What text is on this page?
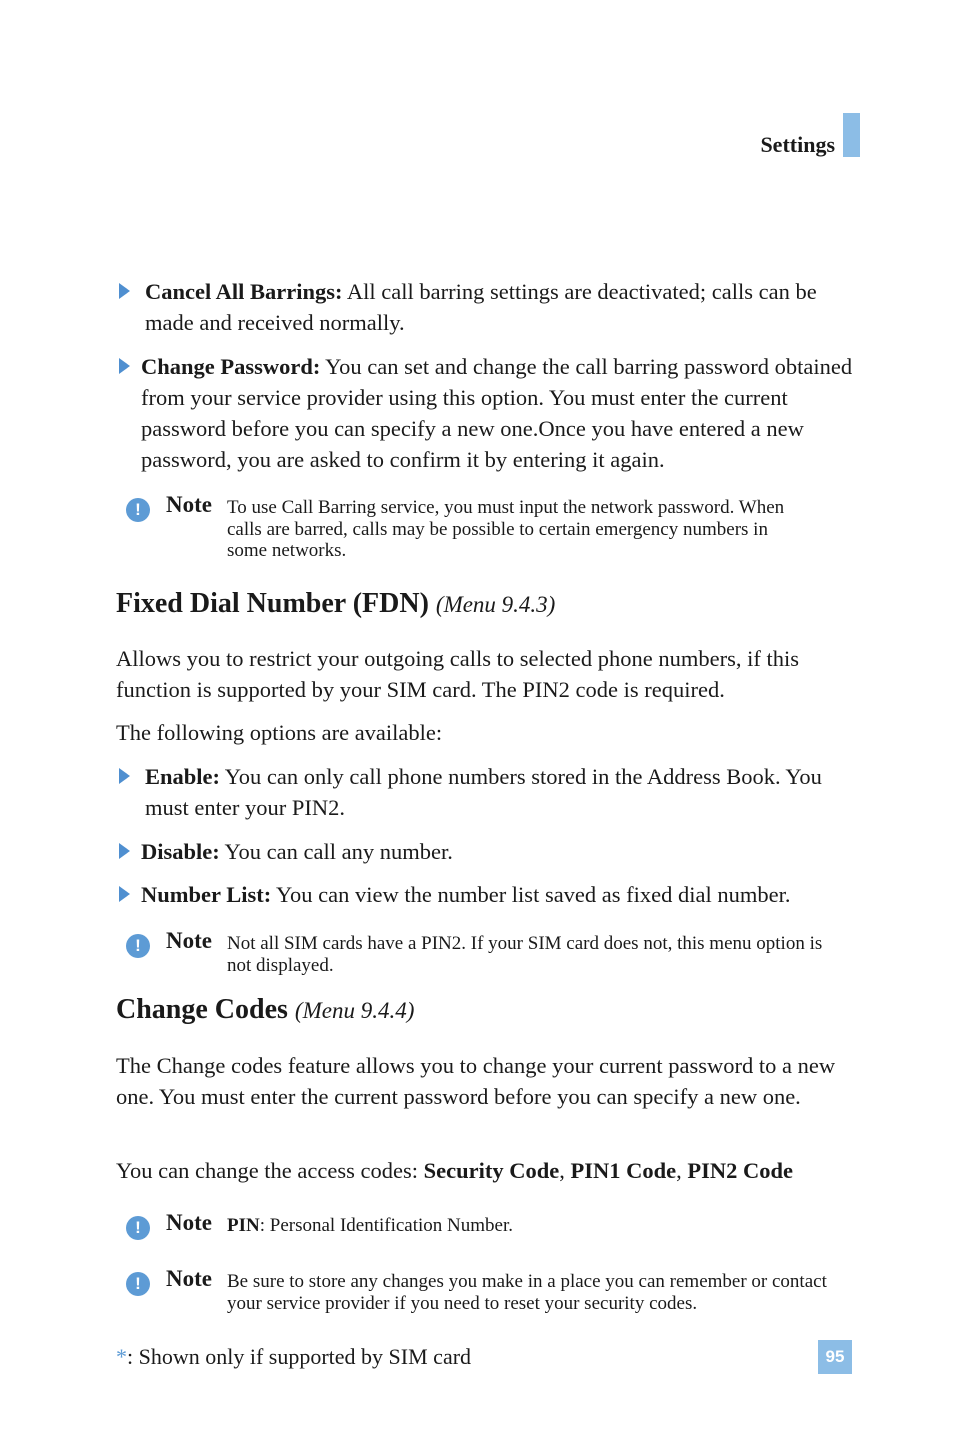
Settings
Cancel All Barrings: All call barring settings are deactivated; calls can be made and received normally.
Change Password: You can set and change the call barring password obtained from your service provider using this option. You must enter the current password before you can specify a new one.Once you have entered a new password, you are asked to confirm it by entering it again.
!	Note To use Call Barring service, you must input the network password. When calls are barred, calls may be possible to certain emergency numbers in some networks.
Fixed Dial Number (FDN) (Menu 9.4.3)
Allows you to restrict your outgoing calls to selected phone numbers, if this function is supported by your SIM card. The PIN2 code is required.
The following options are available:
Enable: You can only call phone numbers stored in the Address Book. You must enter your PIN2.
Disable: You can call any number.
Number List: You can view the number list saved as fixed dial number.
!	Note Not all SIM cards have a PIN2. If your SIM card does not, this menu option is not displayed.
Change Codes (Menu 9.4.4)
The Change codes feature allows you to change your current password to a new one. You must enter the current password before you can specify a new one.
You can change the access codes: Security Code, PIN1 Code, PIN2 Code
!	Note PIN: Personal Identification Number.
!	Note Be sure to store any changes you make in a place you can remember or contact your service provider if you need to reset your security codes.
*: Shown only if supported by SIM card	95
